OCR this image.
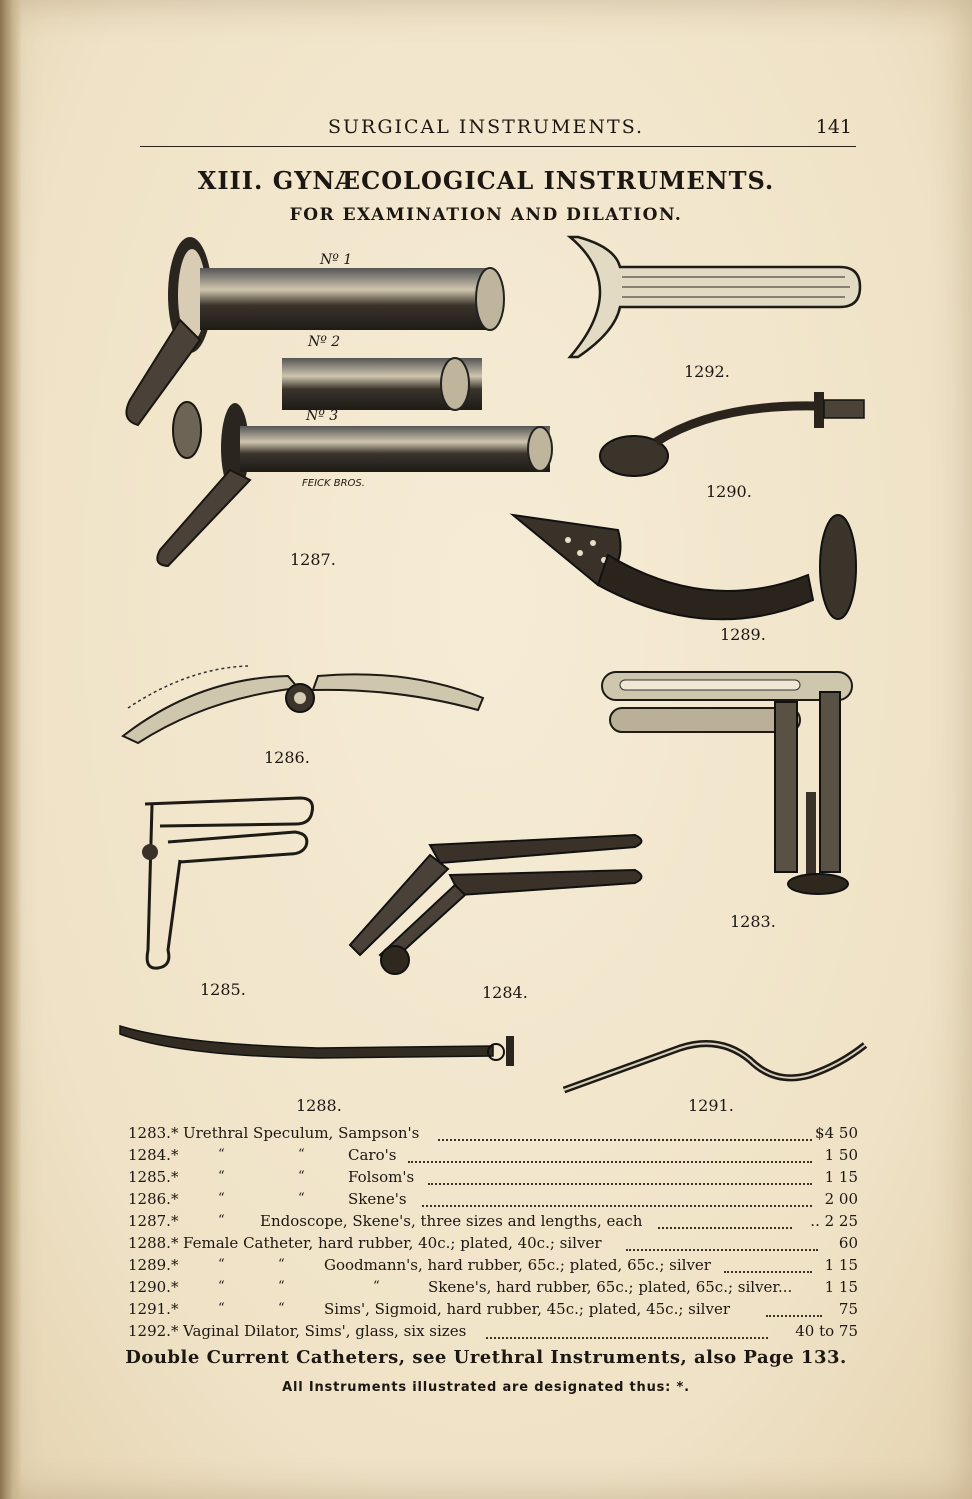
SURGICAL INSTRUMENTS.	141
XIII. GYNÆCOLOGICAL INSTRUMENTS.
FOR EXAMINATION AND DILATION.
Nº 1
Nº 2
Nº 3
FEICK BROS.
1287.
1292.
1290.
1289.
1286.
1283.
1285.	1284.
1288.	1291.
1283.* Urethral Speculum, Sampson's	$4 50
1284.*	“	“	Caro's	1 50
1285.*	“	“	Folsom's	1 15
1286.*	“	“	Skene's	2 00
1287.*	“ Endoscope, Skene's, three sizes and lengths, each	.. 2 25
1288.* Female Catheter, hard rubber, 40c.; plated, 40c.; silver	60
1289.*	“	“	Goodmann's, hard rubber, 65c.; plated, 65c.; silver	1 15
1290.*	“	“	“	Skene's, hard rubber, 65c.; plated, 65c.; silver... 1 15
1291.*	“	“	Sims', Sigmoid, hard rubber, 45c.; plated, 45c.; silver	75
1292.* Vaginal Dilator, Sims', glass, six sizes	40 to 75
Double Current Catheters, see Urethral Instruments, also Page 133.
All Instruments illustrated are designated thus: *.
